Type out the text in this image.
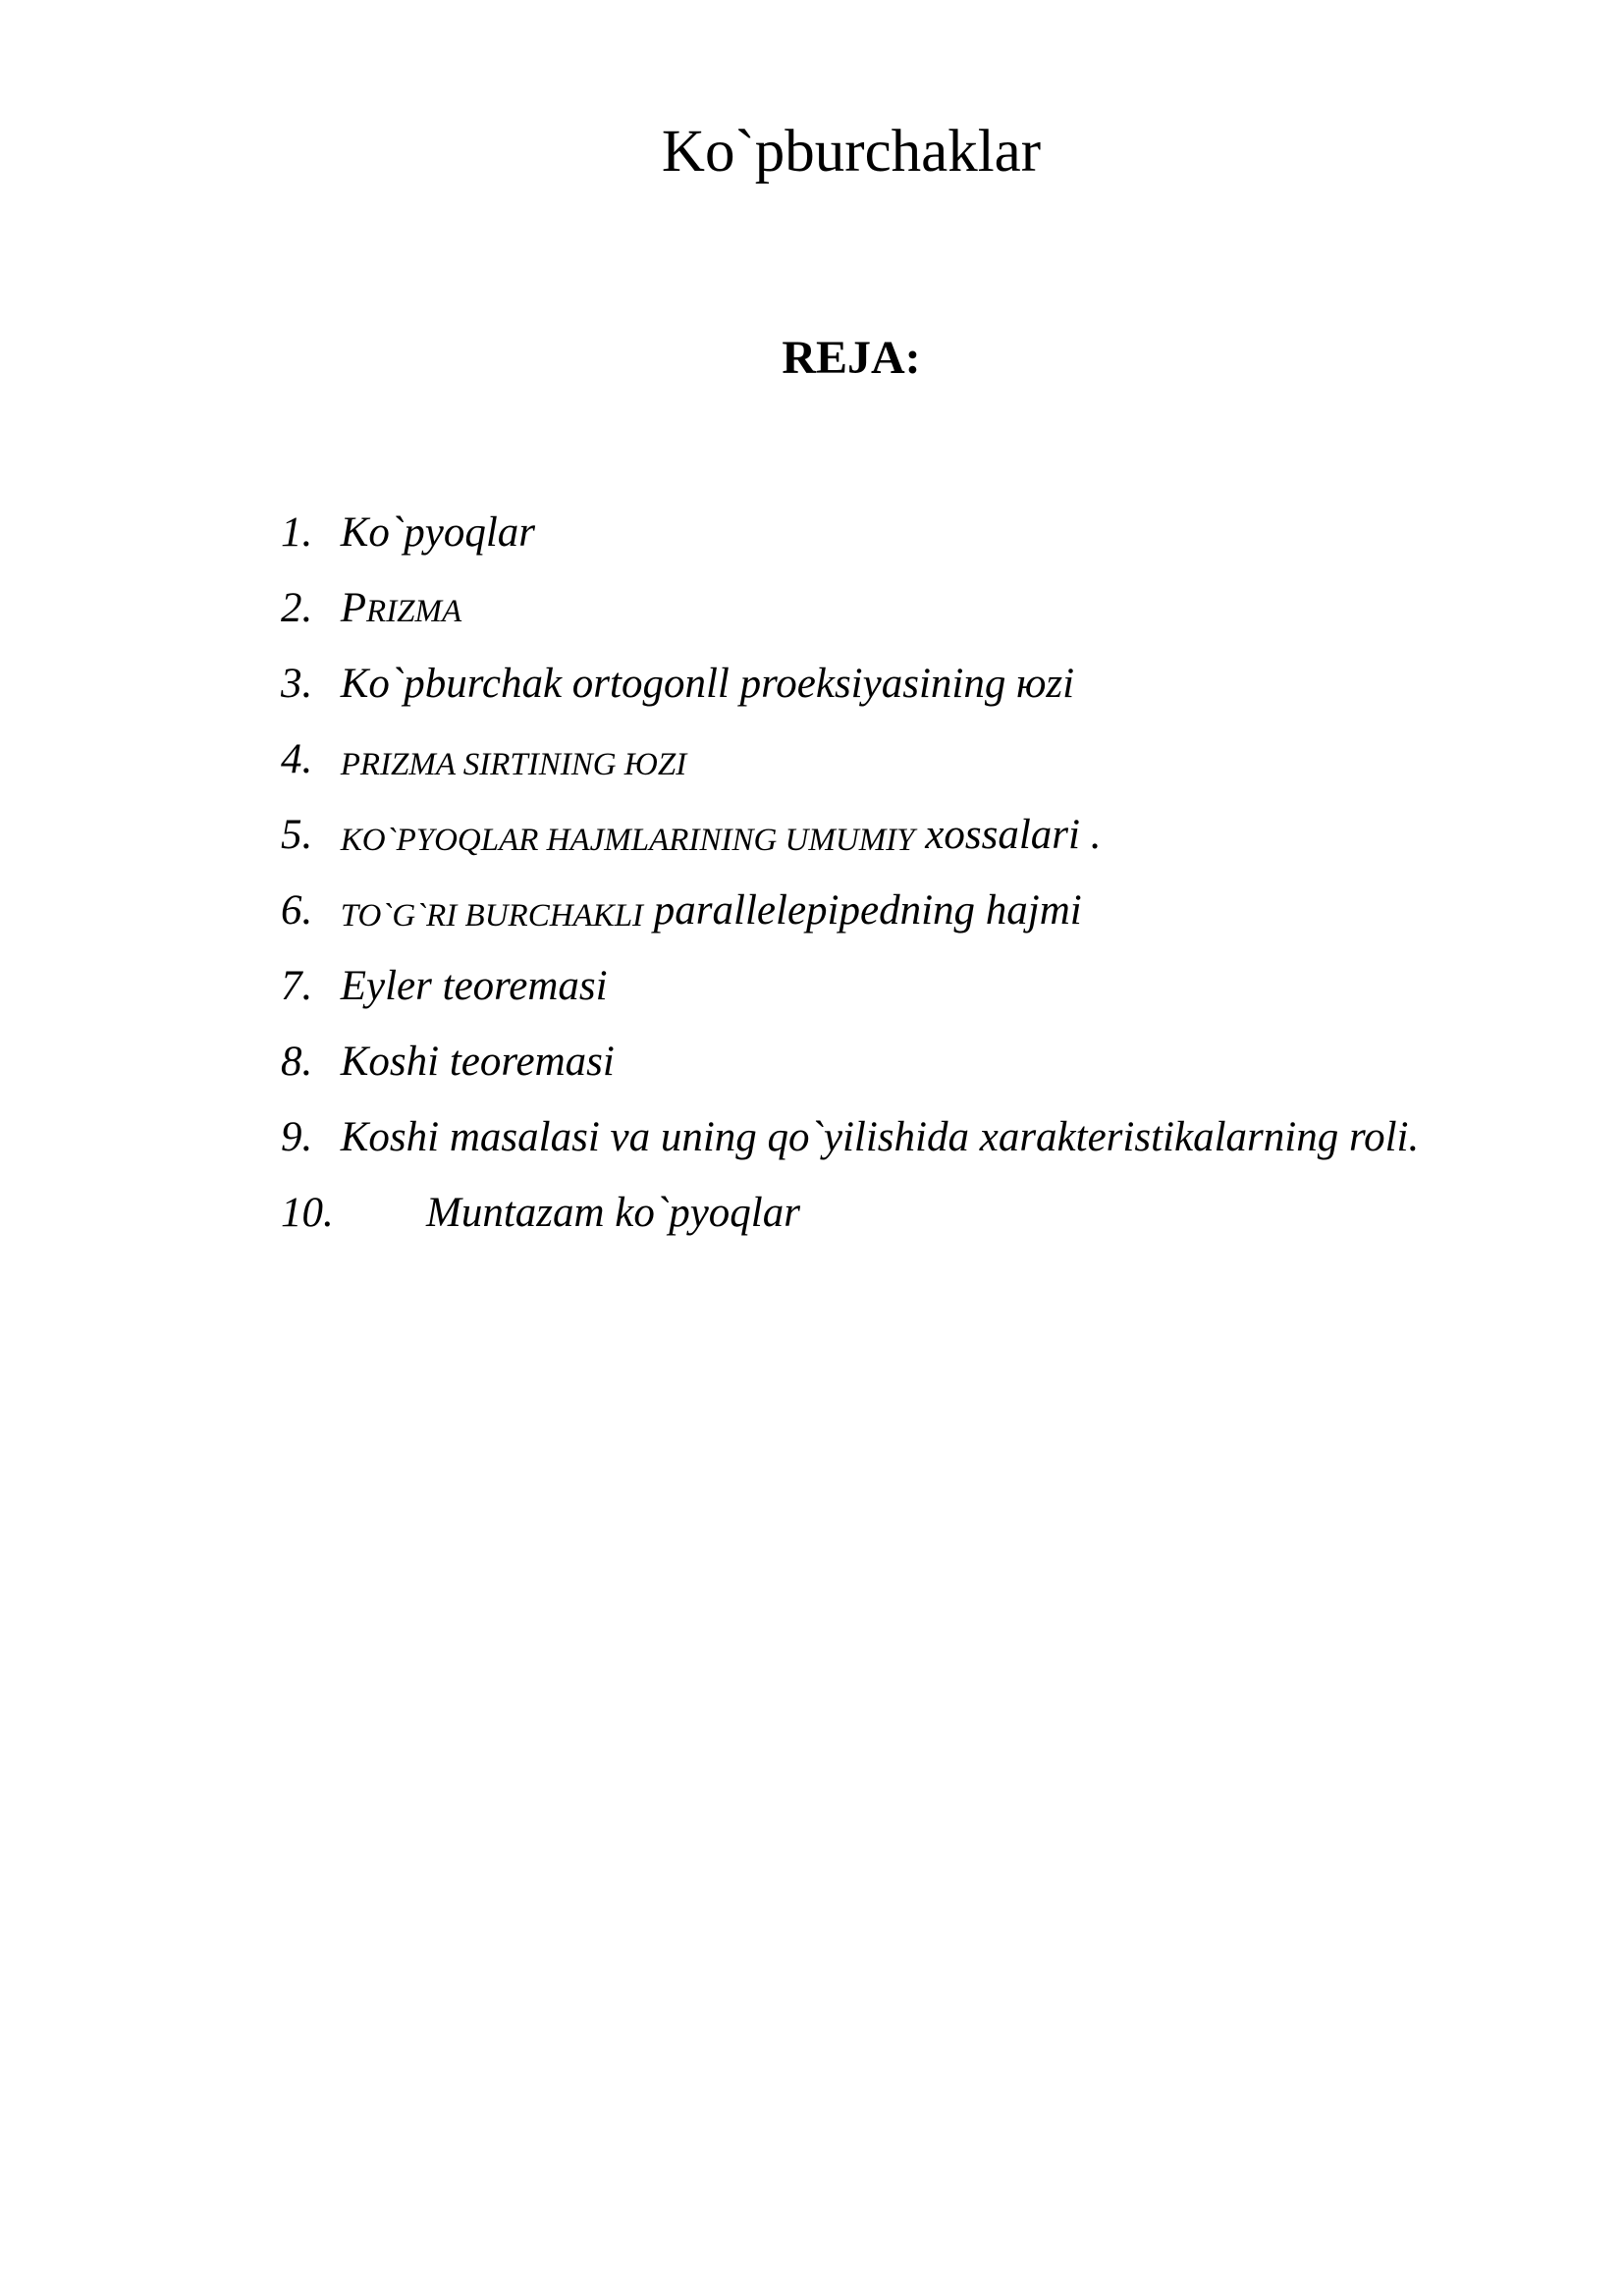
Ko`pburchaklar
REJA:
1.
Ko`pyoqlar
2.
PRIZMA
3.
Ko`pburchak ortogonll proeksiyasining юzi
4.
PRIZMA SIRTINING ЮZI
5.
KO`PYOQLAR HAJMLARINING UMUMIY
xossalari .
6.
TO`G`RI BURCHAKLI
parallelepipedning hajmi
7.
Eyler teoremasi
8.
Koshi teoremasi
9.
Koshi masalasi va uning qo`yilishida xarakteristikalarning roli.
10.	Muntazam ko`pyoqlar
